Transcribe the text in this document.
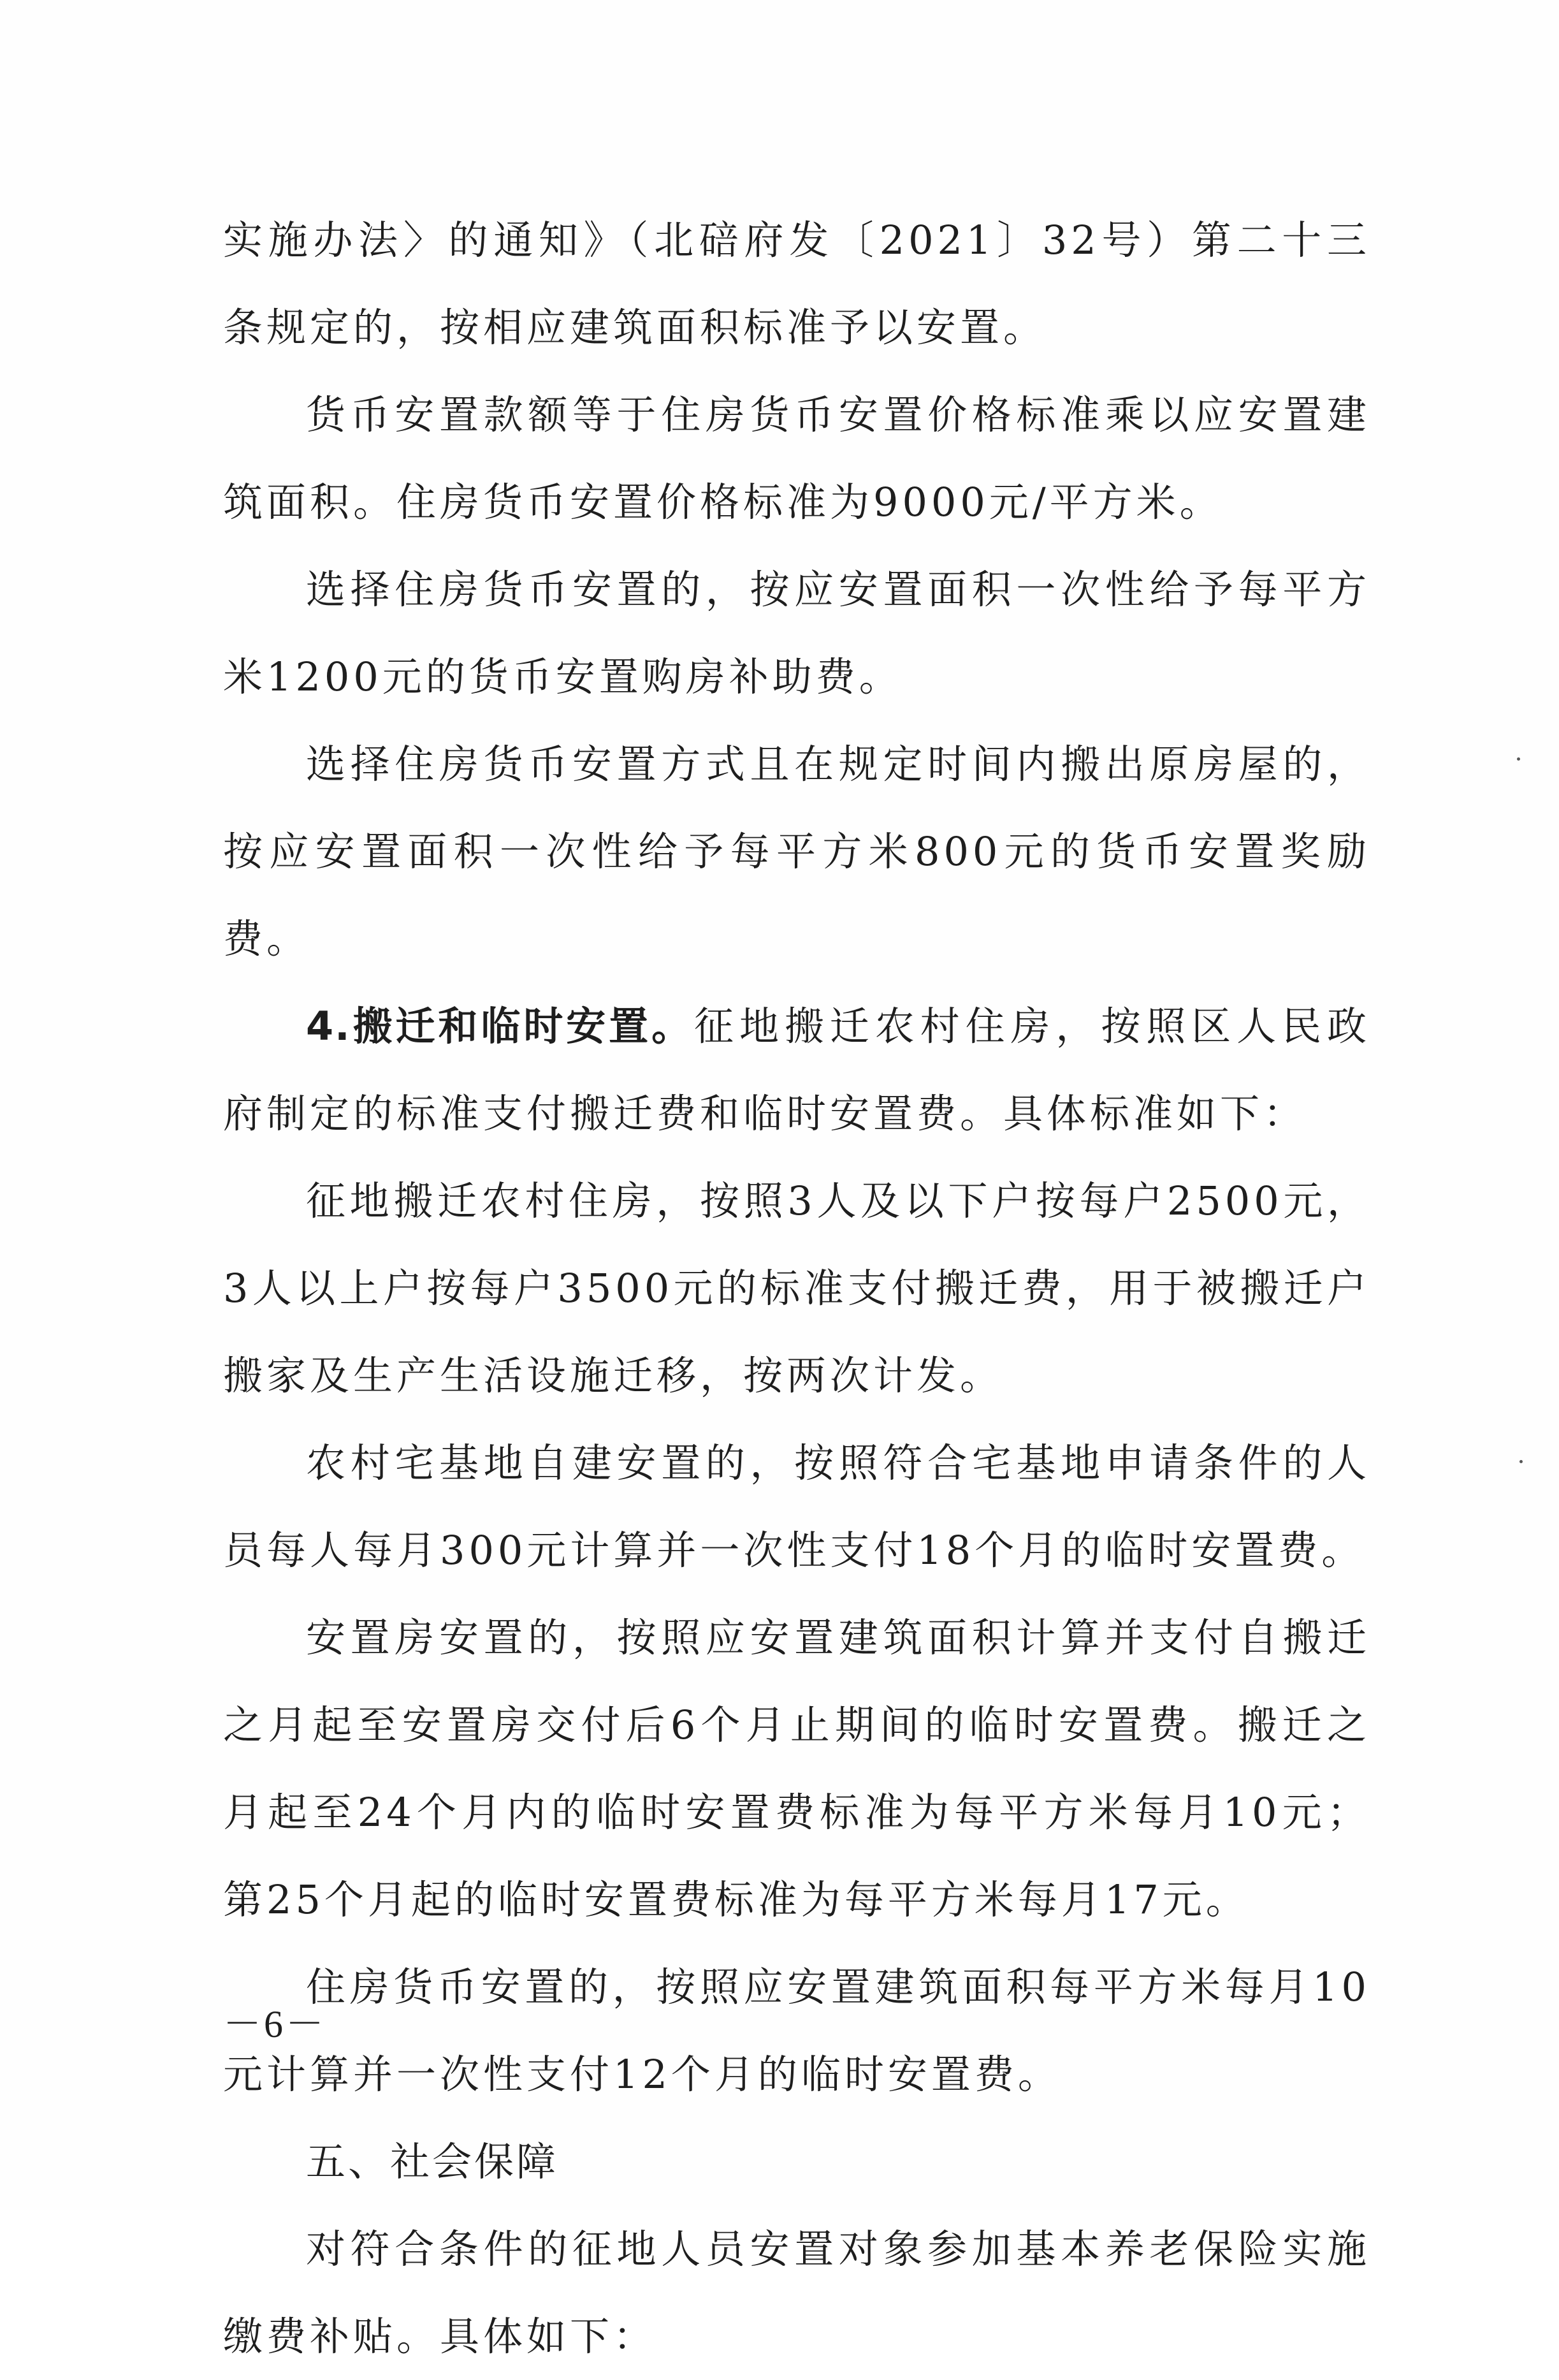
实施办法〉的通知》（北碚府发〔2021〕32号）第二十三条规定的，按相应建筑面积标准予以安置。

货币安置款额等于住房货币安置价格标准乘以应安置建筑面积。住房货币安置价格标准为9000元/平方米。

选择住房货币安置的，按应安置面积一次性给予每平方米1200元的货币安置购房补助费。

选择住房货币安置方式且在规定时间内搬出原房屋的，按应安置面积一次性给予每平方米800元的货币安置奖励费。

4.搬迁和临时安置。征地搬迁农村住房，按照区人民政府制定的标准支付搬迁费和临时安置费。具体标准如下：

征地搬迁农村住房，按照3人及以下户按每户2500元，3人以上户按每户3500元的标准支付搬迁费，用于被搬迁户搬家及生产生活设施迁移，按两次计发。

农村宅基地自建安置的，按照符合宅基地申请条件的人员每人每月300元计算并一次性支付18个月的临时安置费。

安置房安置的，按照应安置建筑面积计算并支付自搬迁之月起至安置房交付后6个月止期间的临时安置费。搬迁之月起至24个月内的临时安置费标准为每平方米每月10元；第25个月起的临时安置费标准为每平方米每月17元。

住房货币安置的，按照应安置建筑面积每平方米每月10元计算并一次性支付12个月的临时安置费。

五、社会保障

对符合条件的征地人员安置对象参加基本养老保险实施缴费补贴。具体如下：

－6－
